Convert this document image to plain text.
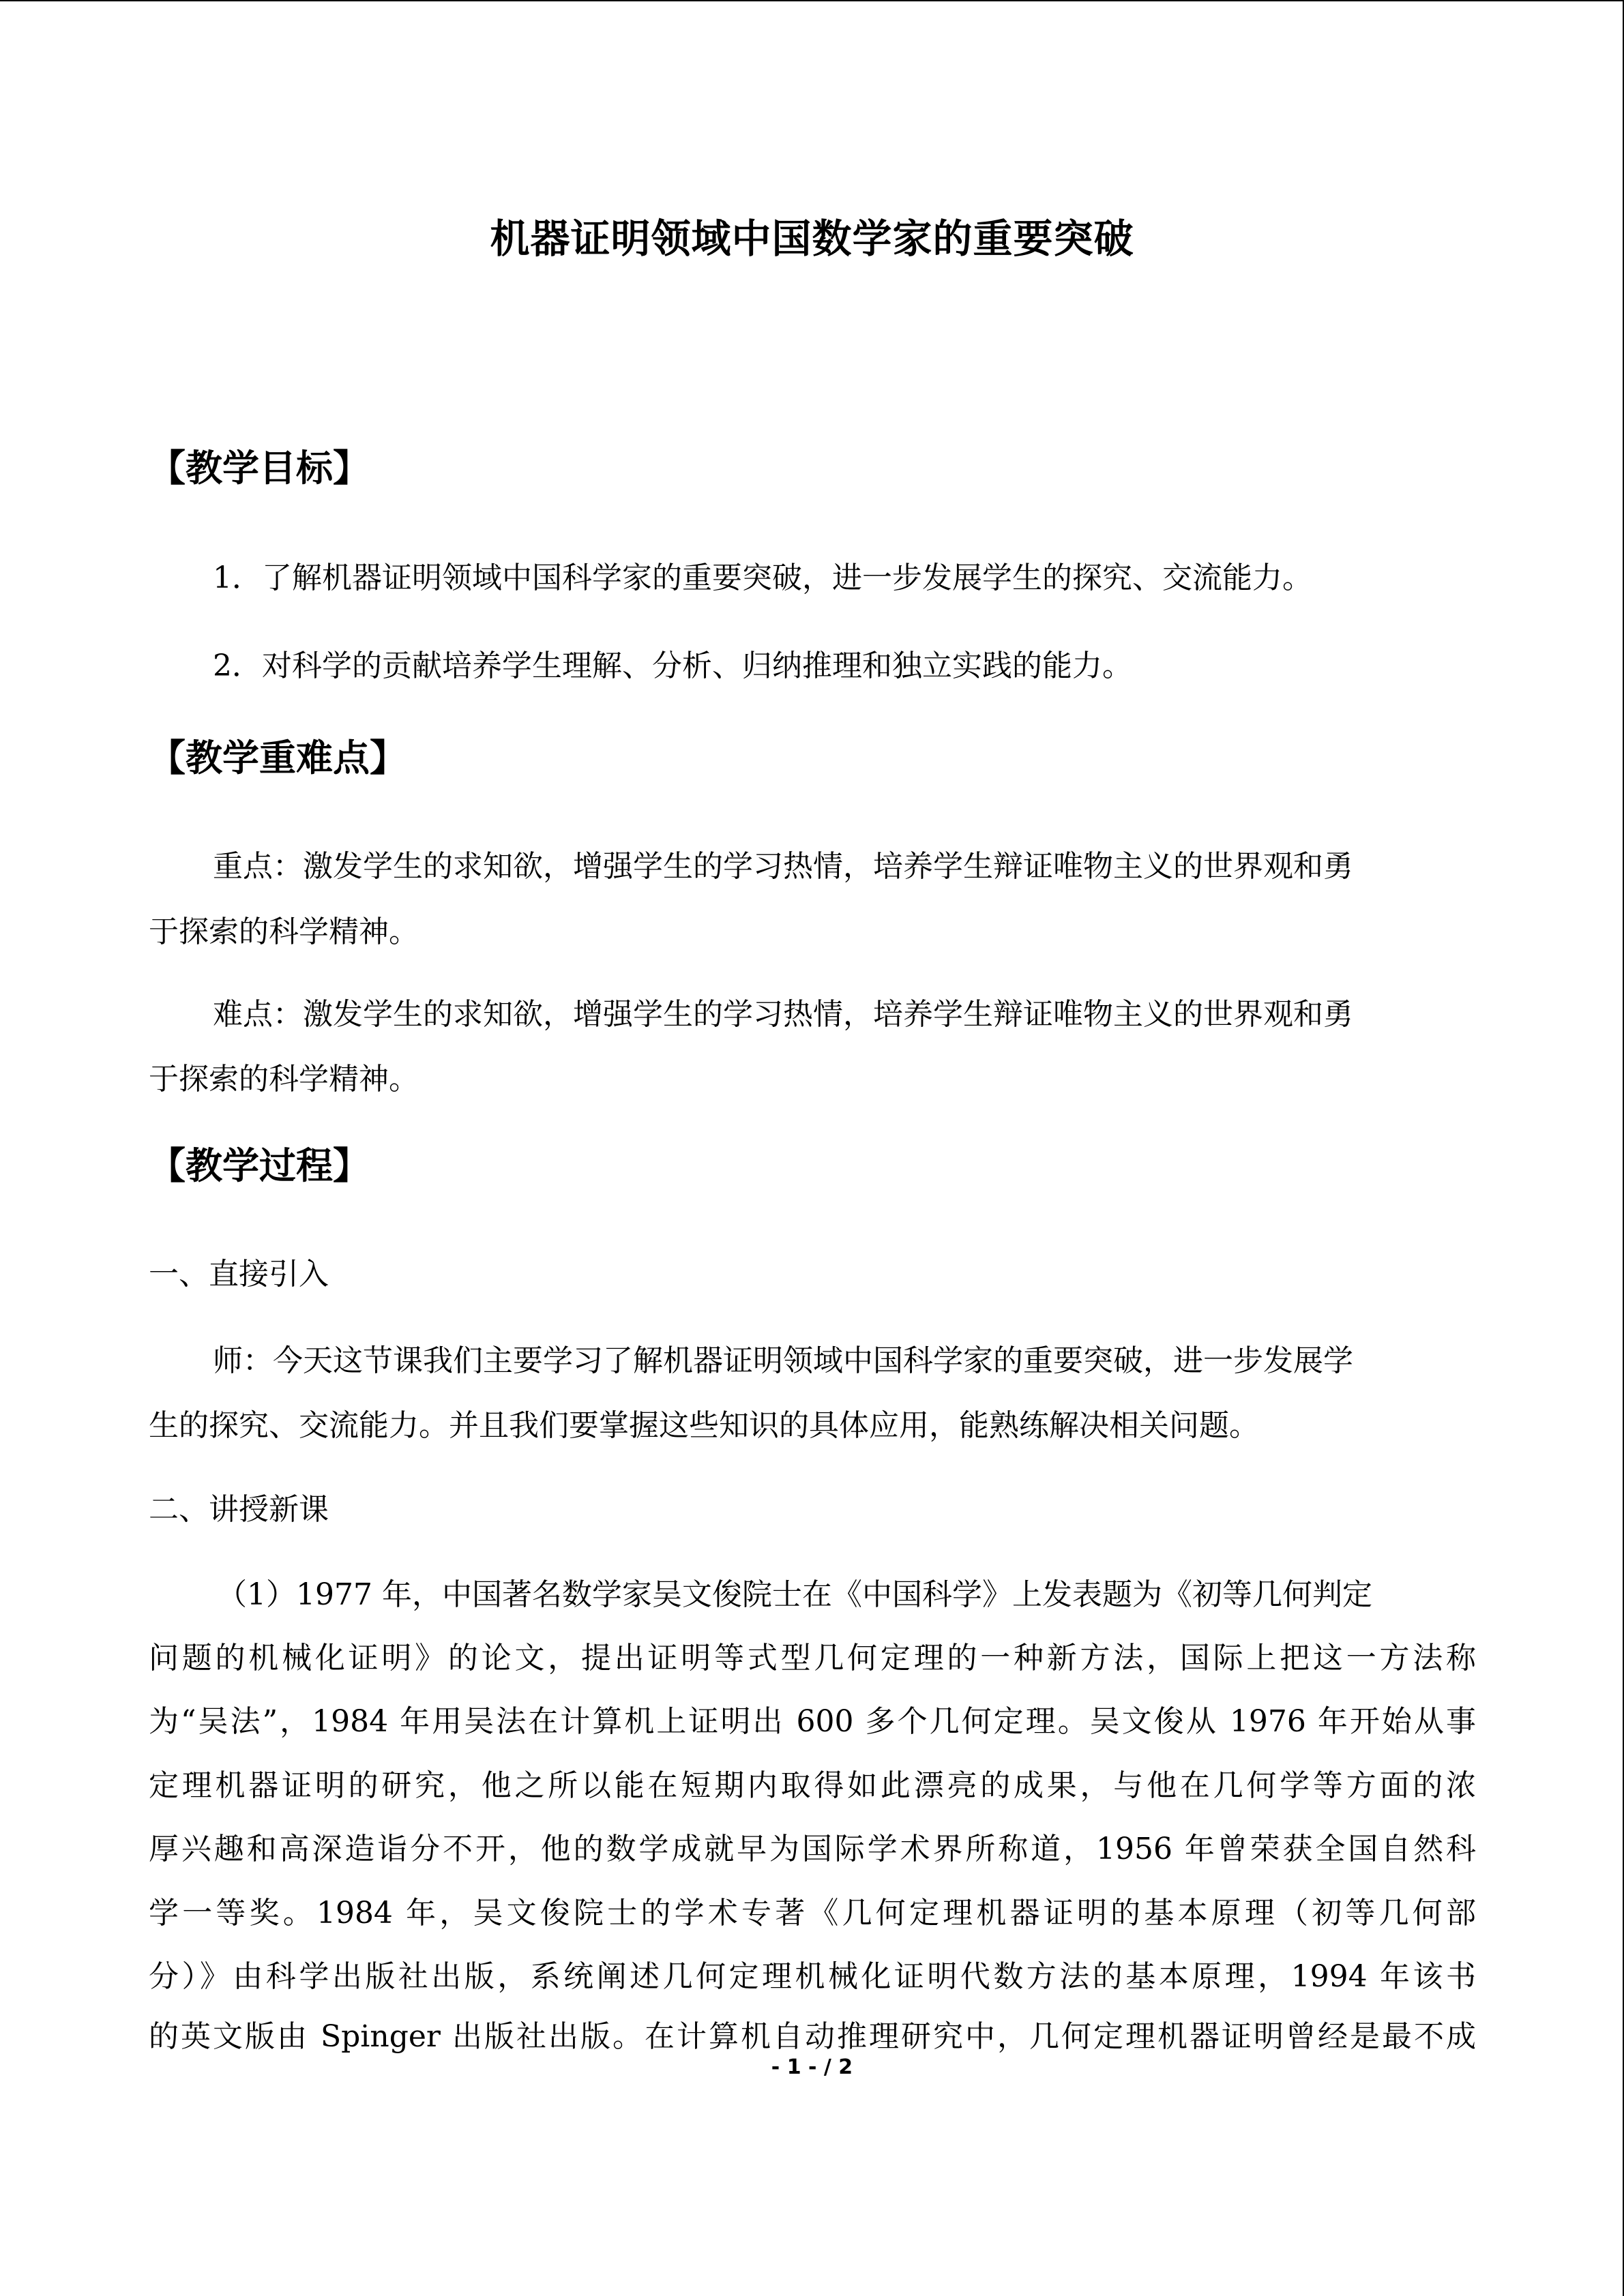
机器证明领域中国数学家的重要突破
【教学目标】

1．了解机器证明领域中国科学家的重要突破，进一步发展学生的探究、交流能力。

2．对科学的贡献培养学生理解、分析、归纳推理和独立实践的能力。

【教学重难点】

重点：激发学生的求知欲，增强学生的学习热情，培养学生辩证唯物主义的世界观和勇

于探索的科学精神。

难点：激发学生的求知欲，增强学生的学习热情，培养学生辩证唯物主义的世界观和勇

于探索的科学精神。

【教学过程】

一、直接引入

师：今天这节课我们主要学习了解机器证明领域中国科学家的重要突破，进一步发展学

生的探究、交流能力。并且我们要掌握这些知识的具体应用，能熟练解决相关问题。

二、讲授新课

（1）1977 年，中国著名数学家吴文俊院士在《中国科学》上发表题为《初等几何判定

问题的机械化证明》的论文，提出证明等式型几何定理的一种新方法，国际上把这一方法称

为“吴法”，1984 年用吴法在计算机上证明出 600 多个几何定理。吴文俊从 1976 年开始从事

定理机器证明的研究，他之所以能在短期内取得如此漂亮的成果，与他在几何学等方面的浓

厚兴趣和高深造诣分不开，他的数学成就早为国际学术界所称道，1956 年曾荣获全国自然科

学一等奖。1984 年，吴文俊院士的学术专著《几何定理机器证明的基本原理（初等几何部

分）》由科学出版社出版，系统阐述几何定理机械化证明代数方法的基本原理，1994 年该书

的英文版由 Spinger 出版社出版。在计算机自动推理研究中，几何定理机器证明曾经是最不成

- 1 - / 2
